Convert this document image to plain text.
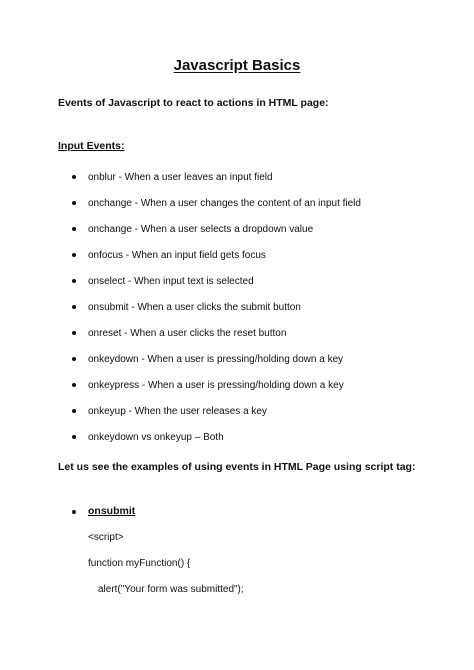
Javascript Basics
Events of Javascript to react to actions in HTML page:
Input Events:
onblur - When a user leaves an input field
onchange - When a user changes the content of an input field
onchange - When a user selects a dropdown value
onfocus - When an input field gets focus
onselect - When input text is selected
onsubmit - When a user clicks the submit button
onreset - When a user clicks the reset button
onkeydown - When a user is pressing/holding down a key
onkeypress - When a user is pressing/holding down a key
onkeyup - When the user releases a key
onkeydown vs onkeyup – Both
Let us see the examples of using events in HTML Page using script tag:
onsubmit
<script>
function myFunction() {
alert("Your form was submitted");
